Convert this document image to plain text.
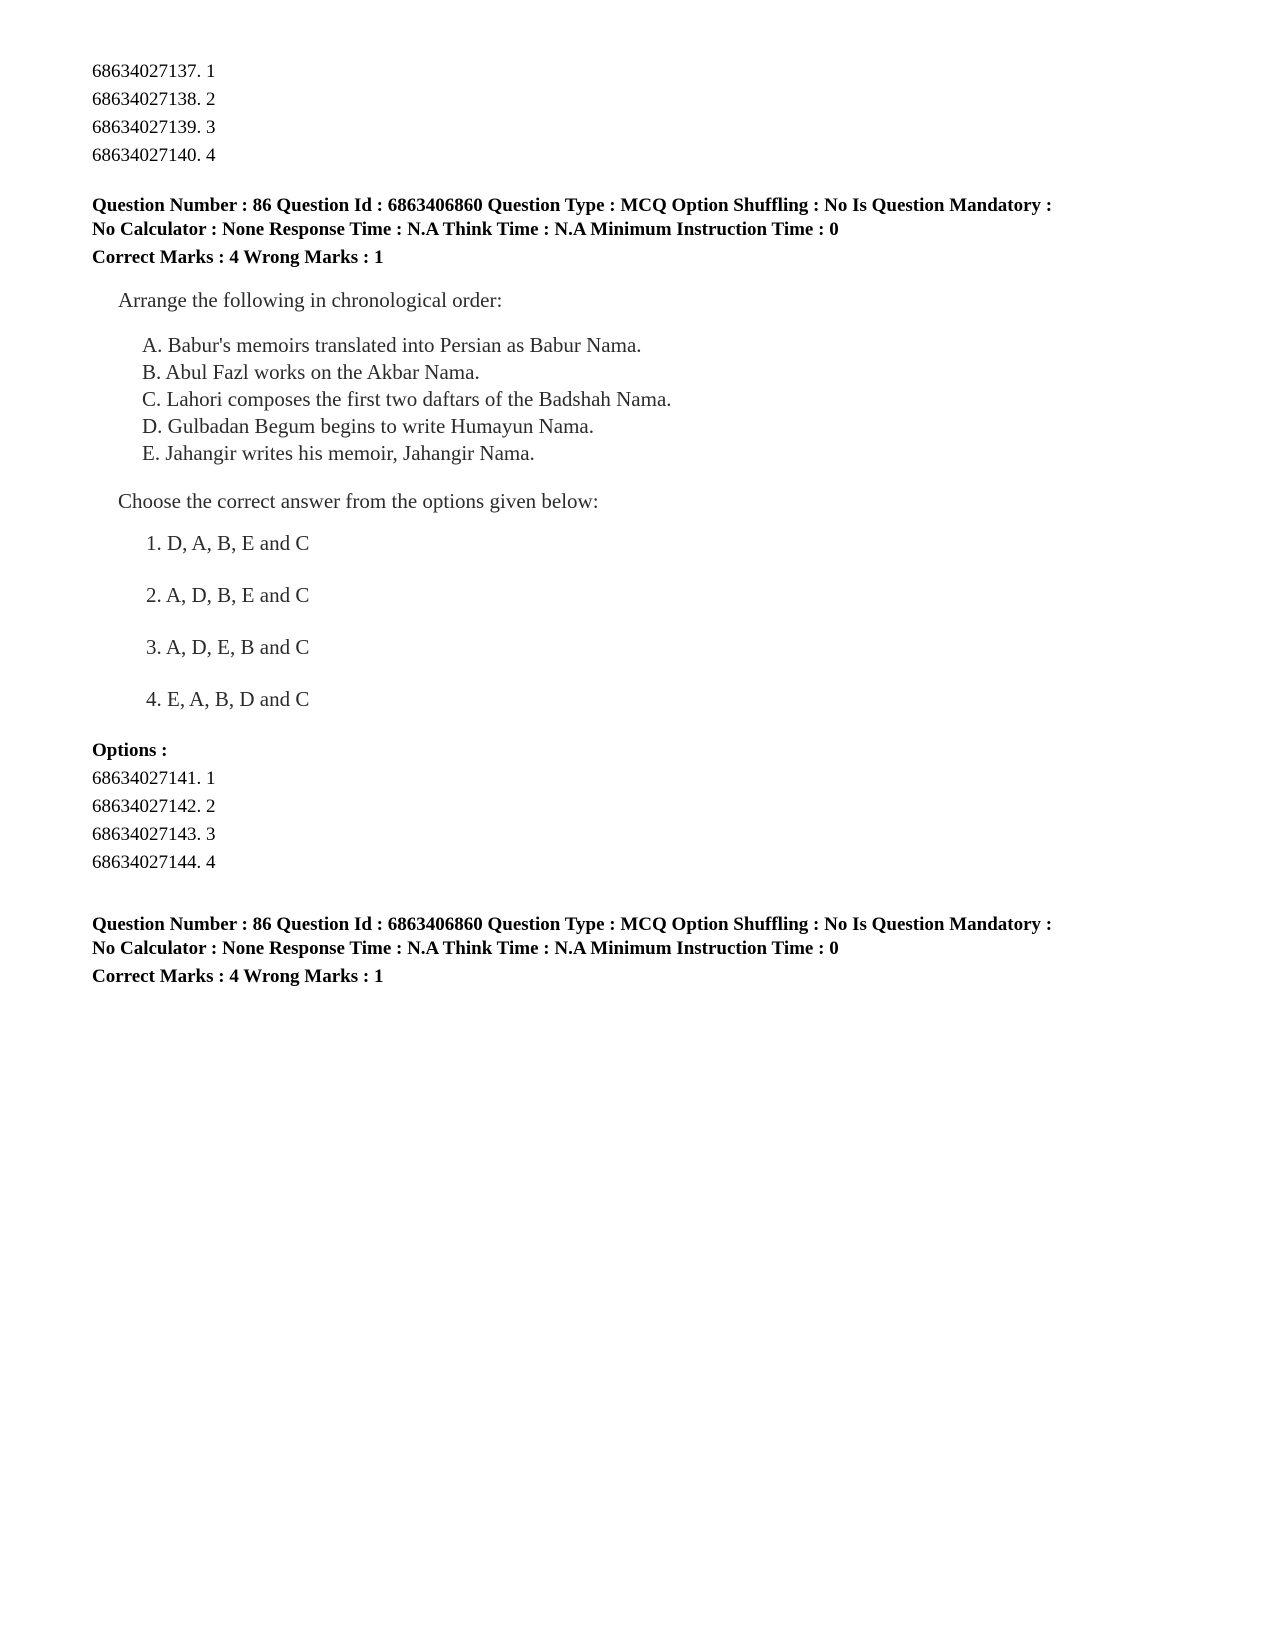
68634027137. 1

68634027138. 2

68634027139. 3

68634027140. 4

Question Number : 86 Question Id : 6863406860 Question Type : MCQ Option Shuffling : No Is Question Mandatory :

No Calculator : None Response Time : N.A Think Time : N.A Minimum Instruction Time : 0

Correct Marks : 4 Wrong Marks : 1

Arrange the following in chronological order:

A. Babur's memoirs translated into Persian as Babur Nama.

B. Abul Fazl works on the Akbar Nama.

C. Lahori composes the first two daftars of the Badshah Nama.

D. Gulbadan Begum begins to write Humayun Nama.

E. Jahangir writes his memoir, Jahangir Nama.

Choose the correct answer from the options given below:

1. D, A, B, E and C

2. A, D, B, E and C

3. A, D, E, B and C

4. E, A, B, D and C

Options :

68634027141. 1

68634027142. 2

68634027143. 3

68634027144. 4

Question Number : 86 Question Id : 6863406860 Question Type : MCQ Option Shuffling : No Is Question Mandatory :

No Calculator : None Response Time : N.A Think Time : N.A Minimum Instruction Time : 0

Correct Marks : 4 Wrong Marks : 1
